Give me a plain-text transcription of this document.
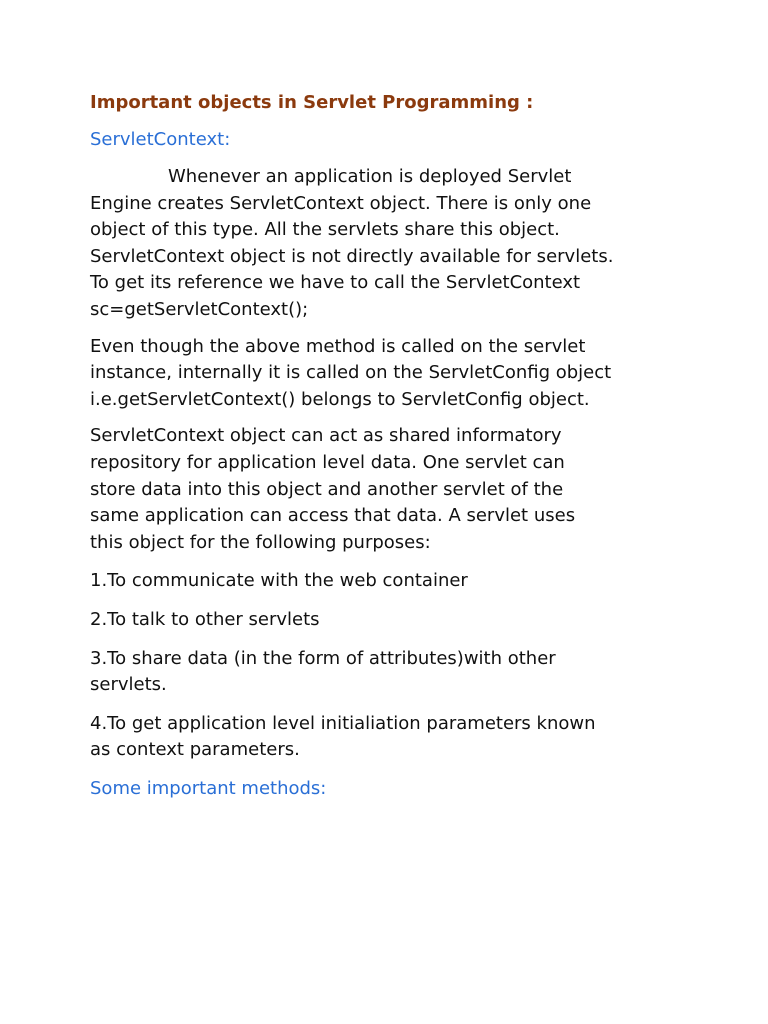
Important objects in Servlet Programming :
ServletContext:
Whenever an application is deployed Servlet
Engine creates ServletContext object. There is only one
object of this type. All the servlets share this object.
ServletContext object is not directly available for servlets.
To get its reference we have to call the ServletContext
sc=getServletContext();
Even though the above method is called on the servlet
instance, internally it is called on the ServletConfig object
i.e.getServletContext() belongs to ServletConfig object.
ServletContext object can act as shared informatory
repository for application level data. One servlet can
store data into this object and another servlet of the
same application can access that data. A servlet uses
this object for the following purposes:
1.To communicate with the web container
2.To talk to other servlets
3.To share data (in the form of attributes)with other
servlets.
4.To get application level initialiation parameters known
as context parameters.
Some important methods:
